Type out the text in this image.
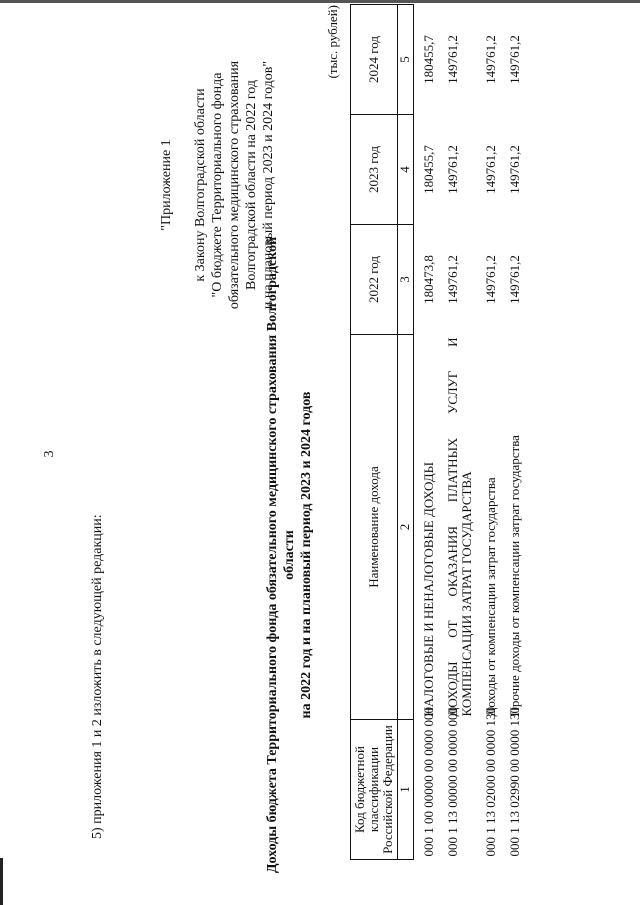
3
5) приложения 1 и 2 изложить в следующей редакции:
"Приложение 1 к Закону Волгоградской области "О бюджете Территориального фонда обязательного медицинского страхования Волгоградской области на 2022 год и на плановый период 2023 и 2024 годов"
Доходы бюджета Территориального фонда обязательного медицинского страхования Волгоградской области на 2022 год и на плановый период 2023 и 2024 годов
(тыс. рублей)
Код бюджетной классификации Российской Федерации	Наименование дохода	2022 год	2023 год	2024 год
1	2	3	4	5
000 1 00 00000 00 0000 000	НАЛОГОВЫЕ И НЕНАЛОГОВЫЕ ДОХОДЫ	180473,8	180455,7	180455,7
000 1 13 00000 00 0000 000	ДОХОДЫ ОТ ОКАЗАНИЯ ПЛАТНЫХ УСЛУГ И КОМПЕНСАЦИИ ЗАТРАТ ГОСУДАРСТВА	149761,2	149761,2	149761,2
000 1 13 02000 00 0000 130	Доходы от компенсации затрат государства	149761,2	149761,2	149761,2
000 1 13 02990 00 0000 130	Прочие доходы от компенсации затрат государства	149761,2	149761,2	149761,2
